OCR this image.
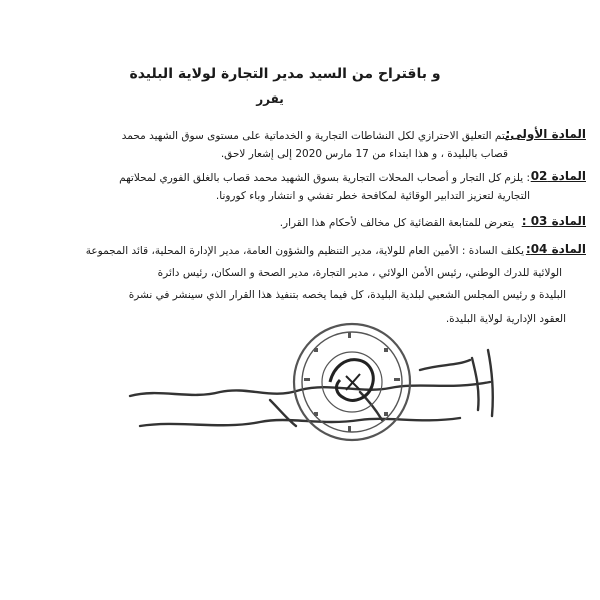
و باقتراح من السيد مدير التجارة لولاية البليدة
يقرر
المادة الأولى:
يتم التعليق الاحترازي لكل النشاطات التجارية و الخدماتية على مستوى سوق الشهيد محمد
قصاب بالبليدة ، و هذا ابتداء من 17 مارس 2020 إلى إشعار لاحق.
المادة 02
: يلزم كل التجار و أصحاب المحلات التجارية بسوق الشهيد محمد قصاب بالغلق الفوري لمحلاتهم
التجارية لتعزيز التدابير الوقائية لمكافحة خطر تفشي و انتشار وباء كورونا.
المادة 03 :
يتعرض للمتابعة القضائية كل مخالف لأحكام هذا القرار.
المادة 04:
يكلف السادة : الأمين العام للولاية، مدير التنظيم والشؤون العامة، مدير الإدارة المحلية، قائد المجموعة
الولائية للدرك الوطني، رئيس الأمن الولائي ، مدير التجارة، مدير الصحة و السكان، رئيس دائرة
البليدة و رئيس المجلس الشعبي لبلدية البليدة، كل فيما يخصه بتنفيذ هذا القرار الذي سينشر في نشرة
العقود الإدارية لولاية البليدة.
